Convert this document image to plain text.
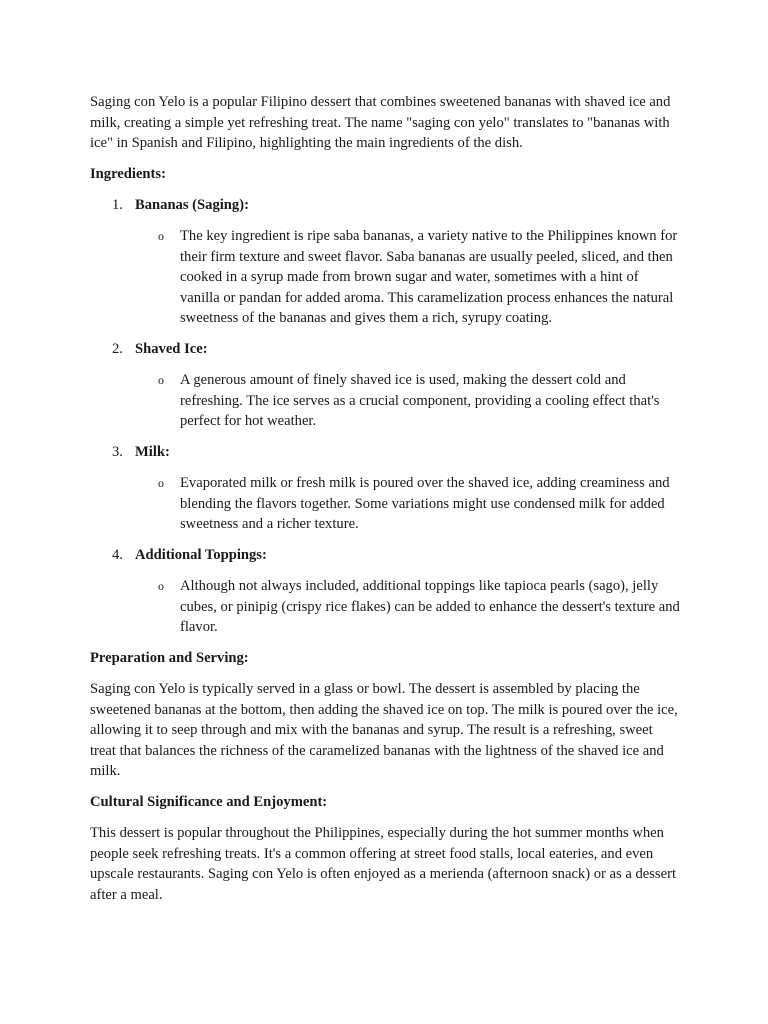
Saging con Yelo is a popular Filipino dessert that combines sweetened bananas with shaved ice and milk, creating a simple yet refreshing treat. The name "saging con yelo" translates to "bananas with ice" in Spanish and Filipino, highlighting the main ingredients of the dish.

Ingredients:
1. Bananas (Saging):
o The key ingredient is ripe saba bananas, a variety native to the Philippines known for their firm texture and sweet flavor. Saba bananas are usually peeled, sliced, and then cooked in a syrup made from brown sugar and water, sometimes with a hint of vanilla or pandan for added aroma. This caramelization process enhances the natural sweetness of the bananas and gives them a rich, syrupy coating.
2. Shaved Ice:
o A generous amount of finely shaved ice is used, making the dessert cold and refreshing. The ice serves as a crucial component, providing a cooling effect that's perfect for hot weather.
3. Milk:
o Evaporated milk or fresh milk is poured over the shaved ice, adding creaminess and blending the flavors together. Some variations might use condensed milk for added sweetness and a richer texture.
4. Additional Toppings:
o Although not always included, additional toppings like tapioca pearls (sago), jelly cubes, or pinipig (crispy rice flakes) can be added to enhance the dessert's texture and flavor.
Preparation and Serving:

Saging con Yelo is typically served in a glass or bowl. The dessert is assembled by placing the sweetened bananas at the bottom, then adding the shaved ice on top. The milk is poured over the ice, allowing it to seep through and mix with the bananas and syrup. The result is a refreshing, sweet treat that balances the richness of the caramelized bananas with the lightness of the shaved ice and milk.

Cultural Significance and Enjoyment:

This dessert is popular throughout the Philippines, especially during the hot summer months when people seek refreshing treats. It's a common offering at street food stalls, local eateries, and even upscale restaurants. Saging con Yelo is often enjoyed as a merienda (afternoon snack) or as a dessert after a meal.
